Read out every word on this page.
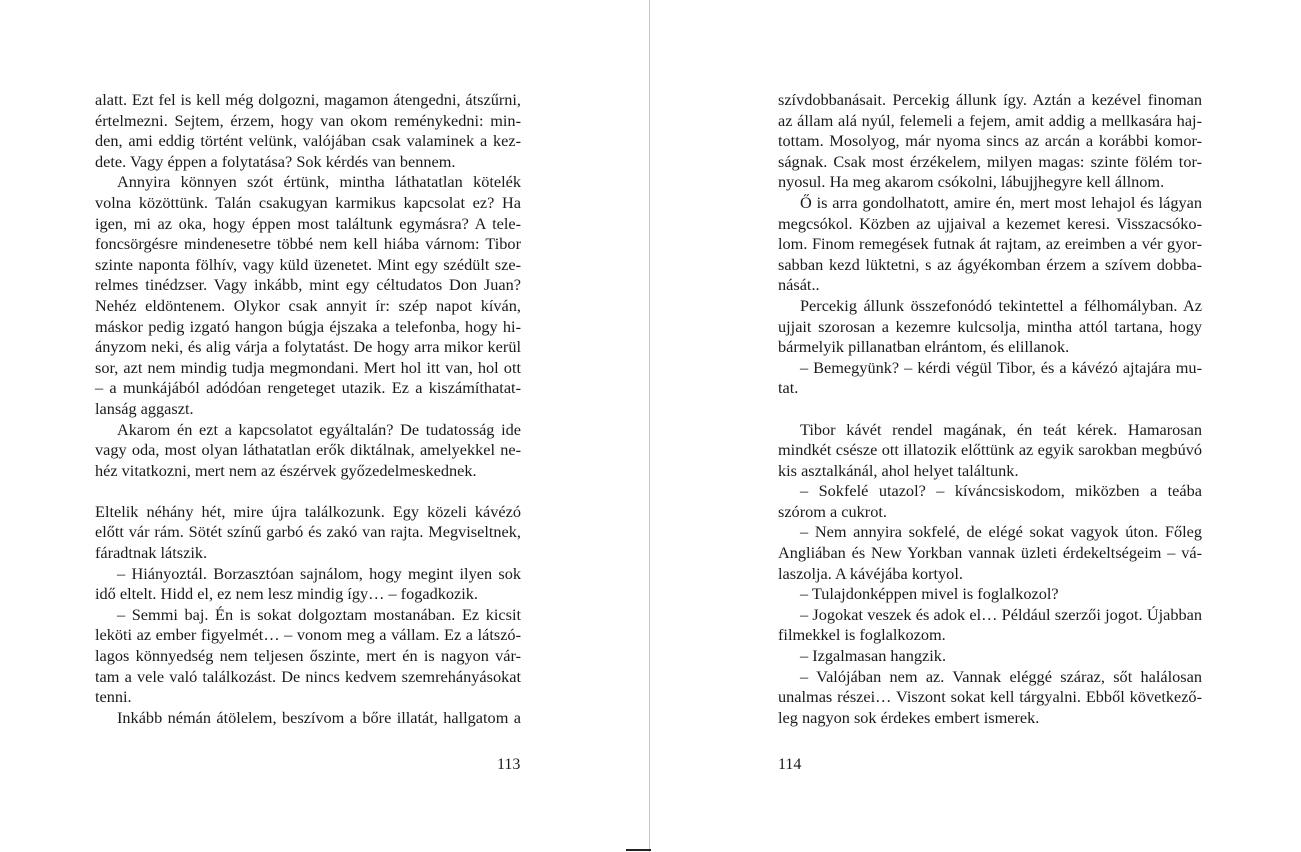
alatt. Ezt fel is kell még dolgozni, magamon átengedni, átszűrni,
értelmezni. Sejtem, érzem, hogy van okom reménykedni: min-
den, ami eddig történt velünk, valójában csak valaminek a kez-
dete. Vagy éppen a folytatása? Sok kérdés van bennem.
Annyira könnyen szót értünk, mintha láthatatlan kötelék
volna közöttünk. Talán csakugyan karmikus kapcsolat ez? Ha
igen, mi az oka, hogy éppen most találtunk egymásra? A tele-
foncsörgésre mindenesetre többé nem kell hiába várnom: Tibor
szinte naponta fölhív, vagy küld üzenetet. Mint egy szédült sze-
relmes tinédzser. Vagy inkább, mint egy céltudatos Don Juan?
Nehéz eldöntenem. Olykor csak annyit ír: szép napot kíván,
máskor pedig izgató hangon búgja éjszaka a telefonba, hogy hi-
ányzom neki, és alig várja a folytatást. De hogy arra mikor kerül
sor, azt nem mindig tudja megmondani. Mert hol itt van, hol ott
– a munkájából adódóan rengeteget utazik. Ez a kiszámíthatat-
lanság aggaszt.
Akarom én ezt a kapcsolatot egyáltalán? De tudatosság ide
vagy oda, most olyan láthatatlan erők diktálnak, amelyekkel ne-
héz vitatkozni, mert nem az észérvek győzedelmeskednek.
Eltelik néhány hét, mire újra találkozunk. Egy közeli kávézó
előtt vár rám. Sötét színű garbó és zakó van rajta. Megviseltnek,
fáradtnak látszik.
– Hiányoztál. Borzasztóan sajnálom, hogy megint ilyen sok
idő eltelt. Hidd el, ez nem lesz mindig így… – fogadkozik.
– Semmi baj. Én is sokat dolgoztam mostanában. Ez kicsit
leköti az ember figyelmét… – vonom meg a vállam. Ez a látszó-
lagos könnyedség nem teljesen őszinte, mert én is nagyon vár-
tam a vele való találkozást. De nincs kedvem szemrehányásokat
tenni.
Inkább némán átölelem, beszívom a bőre illatát, hallgatom a
113
szívdobbanásait. Percekig állunk így. Aztán a kezével finoman
az állam alá nyúl, felemeli a fejem, amit addig a mellkasára haj-
tottam. Mosolyog, már nyoma sincs az arcán a korábbi komor-
ságnak. Csak most érzékelem, milyen magas: szinte fölém tor-
nyosul. Ha meg akarom csókolni, lábujjhegyre kell állnom.
Ő is arra gondolhatott, amire én, mert most lehajol és lágyan
megcsókol. Közben az ujjaival a kezemet keresi. Visszacsóko-
lom. Finom remegések futnak át rajtam, az ereimben a vér gyor-
sabban kezd lüktetni, s az ágyékomban érzem a szívem dobba-
nását..
Percekig állunk összefonódó tekintettel a félhomályban. Az
ujjait szorosan a kezemre kulcsolja, mintha attól tartana, hogy
bármelyik pillanatban elrántom, és elillanok.
– Bemegyünk? – kérdi végül Tibor, és a kávézó ajtajára mu-
tat.
Tibor kávét rendel magának, én teát kérek. Hamarosan
mindkét csésze ott illatozik előttünk az egyik sarokban megbúvó
kis asztalkánál, ahol helyet találtunk.
– Sokfelé utazol? – kíváncsiskodom, miközben a teába
szórom a cukrot.
– Nem annyira sokfelé, de elégé sokat vagyok úton. Főleg
Angliában és New Yorkban vannak üzleti érdekeltségeim – vá-
laszolja. A kávéjába kortyol.
– Tulajdonképpen mivel is foglalkozol?
– Jogokat veszek és adok el… Például szerzői jogot. Újabban
filmekkel is foglalkozom.
– Izgalmasan hangzik.
– Valójában nem az. Vannak eléggé száraz, sőt halálosan
unalmas részei… Viszont sokat kell tárgyalni. Ebből következő-
leg nagyon sok érdekes embert ismerek.
114
